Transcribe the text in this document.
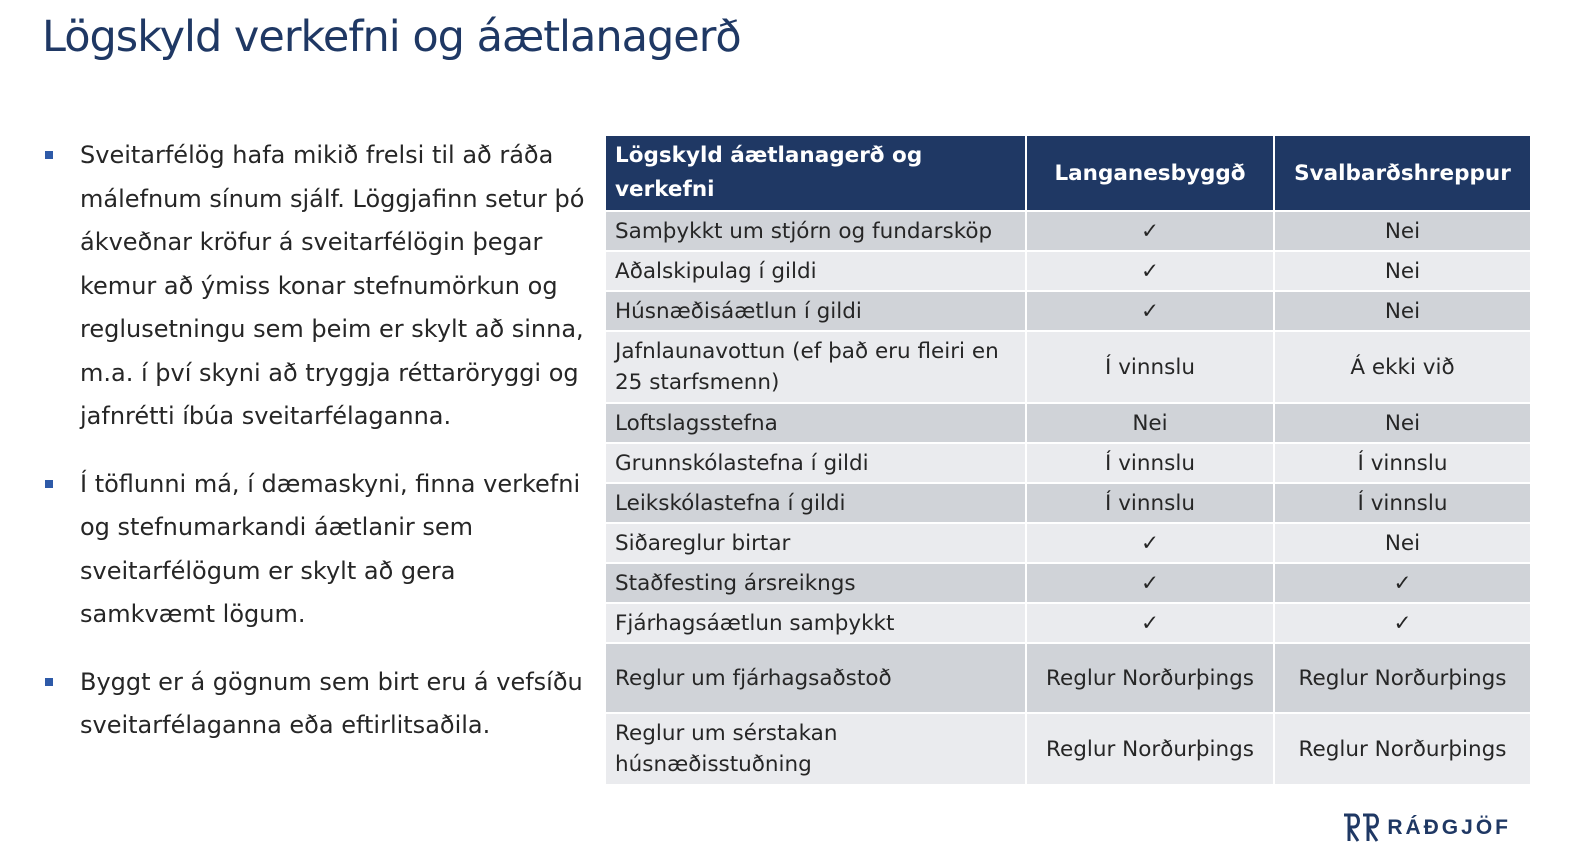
Lögskyld verkefni og áætlanagerð
Sveitarfélög hafa mikið frelsi til að ráða málefnum sínum sjálf. Löggjafinn setur þó ákveðnar kröfur á sveitarfélögin þegar kemur að ýmiss konar stefnumörkun og reglusetningu sem þeim er skylt að sinna, m.a. í því skyni að tryggja réttaröryggi og jafnrétti íbúa sveitarfélaganna.
Í töflunni má, í dæmaskyni, finna verkefni og stefnumarkandi áætlanir sem sveitarfélögum er skylt að gera samkvæmt lögum.
Byggt er á gögnum sem birt eru á vefsíðu sveitarfélaganna eða eftirlitsaðila.
Lögskyld áætlanagerð og verkefni	Langanesbyggð	Svalbarðshreppur
Samþykkt um stjórn og fundarsköp	✓	Nei
Aðalskipulag í gildi	✓	Nei
Húsnæðisáætlun í gildi	✓	Nei
Jafnlaunavottun (ef það eru fleiri en 25 starfsmenn)	Í vinnslu	Á ekki við
Loftslagsstefna	Nei	Nei
Grunnskólastefna í gildi	Í vinnslu	Í vinnslu
Leikskólastefna í gildi	Í vinnslu	Í vinnslu
Siðareglur birtar	✓	Nei
Staðfesting ársreikngs	✓	✓
Fjárhagsáætlun samþykkt	✓	✓
Reglur um fjárhagsaðstoð	Reglur Norðurþings	Reglur Norðurþings
Reglur um sérstakan húsnæðisstuðning	Reglur Norðurþings	Reglur Norðurþings
RÁÐGJÖF
